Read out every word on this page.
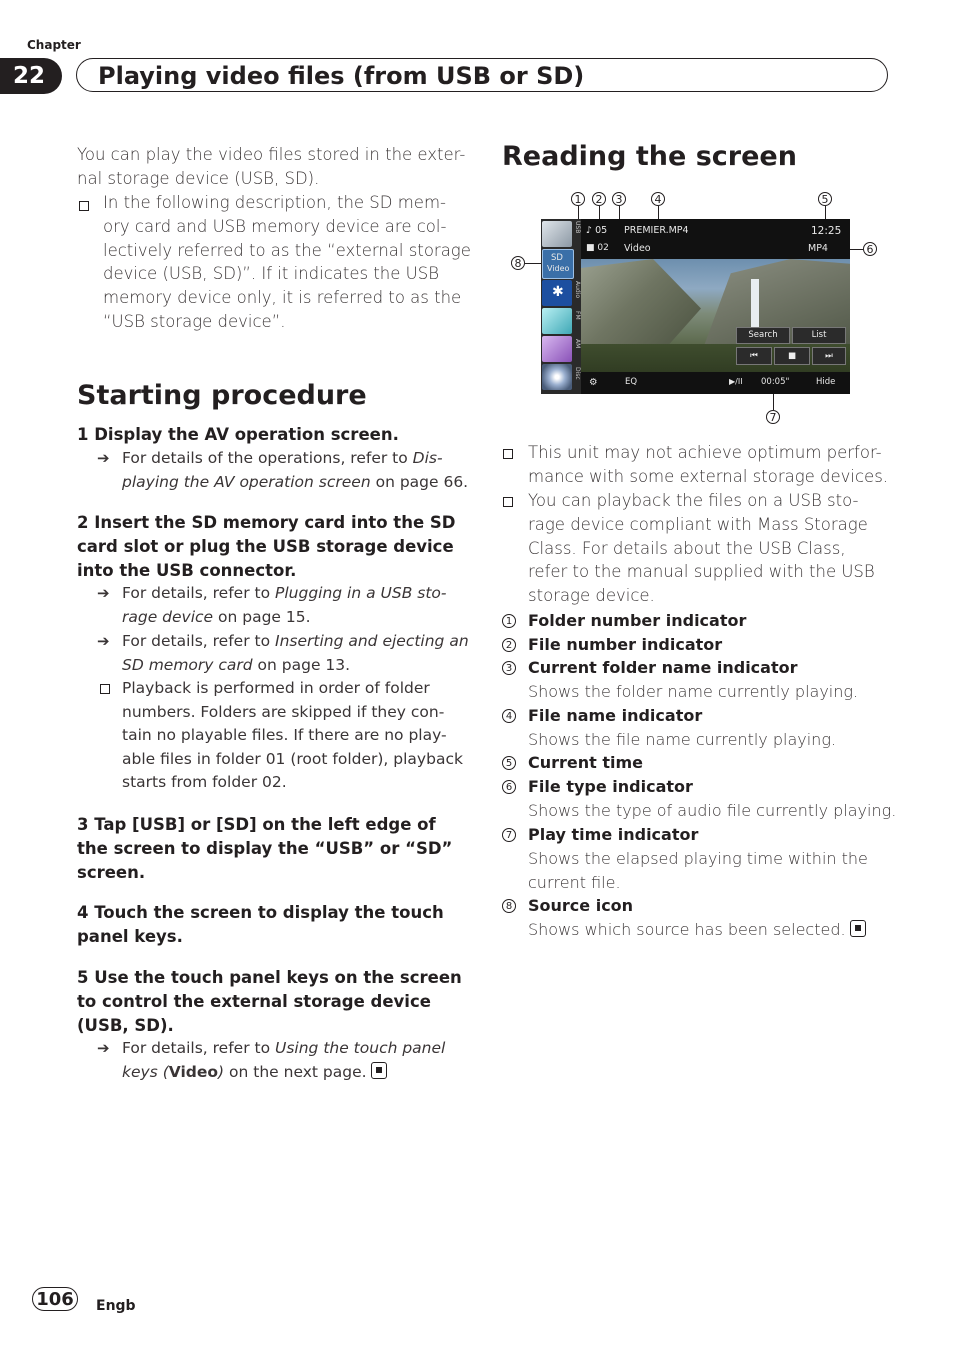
Chapter
22	Playing video files (from USB or SD)
You can play the video files stored in the exter-
nal storage device (USB, SD).
In the following description, the SD mem-
ory card and USB memory device are col-
lectively referred to as the “external storage
device (USB, SD)”. If it indicates the USB
memory device only, it is referred to as the
“USB storage device”.
Starting procedure
1 Display the AV operation screen.
➔ For details of the operations, refer to Dis-
playing the AV operation screen on page 66.
2 Insert the SD memory card into the SD
card slot or plug the USB storage device
into the USB connector.
➔ For details, refer to Plugging in a USB sto-
rage device on page 15.
➔ For details, refer to Inserting and ejecting an
SD memory card on page 13.
Playback is performed in order of folder
numbers. Folders are skipped if they con-
tain no playable files. If there are no play-
able files in folder 01 (root folder), playback
starts from folder 02.
3 Tap [USB] or [SD] on the left edge of
the screen to display the “USB” or “SD”
screen.
4 Touch the screen to display the touch
panel keys.
5 Use the touch panel keys on the screen
to control the external storage device
(USB, SD).
➔ For details, refer to Using the touch panel
keys (Video) on the next page.
Reading the screen
1	2	3	4	5
6
7
8
♪ 05
■ 02
PREMIER.MP4
Video
12:25
MP4
SD
Video
✱
USB
Audio
FM
AM
Disc
Search	List
⏮	■	⏭
⚙	EQ	▶/II 00:05"	Hide
This unit may not achieve optimum perfor-
mance with some external storage devices.
You can playback the files on a USB sto-
rage device compliant with Mass Storage
Class. For details about the USB Class,
refer to the manual supplied with the USB
storage device.
1 Folder number indicator
2 File number indicator
3 Current folder name indicator
Shows the folder name currently playing.
4 File name indicator
Shows the file name currently playing.
5 Current time
6 File type indicator
Shows the type of audio file currently playing.
7 Play time indicator
Shows the elapsed playing time within the
current file.
8 Source icon
Shows which source has been selected.
106	Engb
